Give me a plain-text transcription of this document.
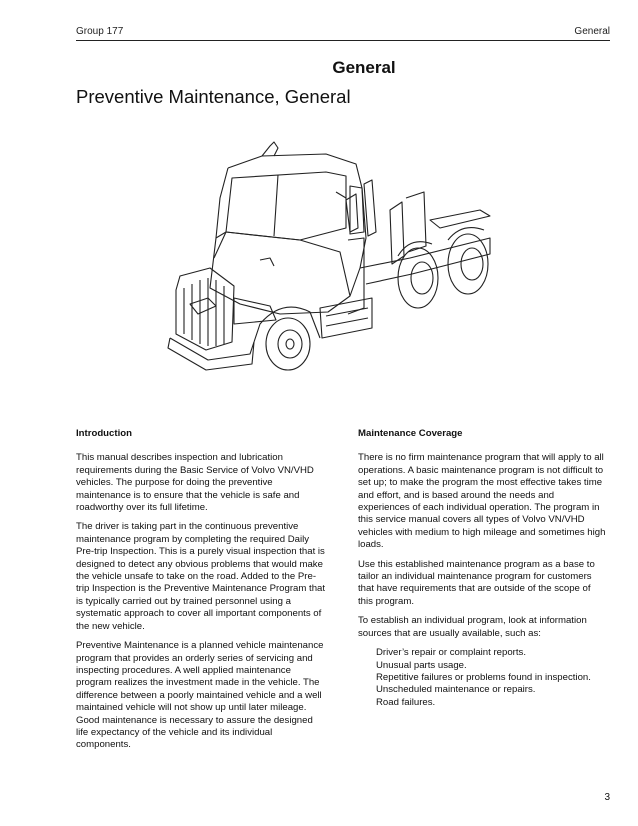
Group 177	General
General
Preventive Maintenance, General
Introduction

This manual describes inspection and lubrication requirements during the Basic Service of Volvo VN/VHD vehicles. The purpose for doing the preventive maintenance is to ensure that the vehicle is safe and roadworthy over its full lifetime.

The driver is taking part in the continuous preventive maintenance program by completing the required Daily Pre-trip Inspection. This is a purely visual inspection that is designed to detect any obvious problems that would make the vehicle unsafe to take on the road. Added to the Pre-trip Inspection is the Preventive Maintenance Program that is typically carried out by trained personnel using a systematic approach to cover all important components of the new vehicle.

Preventive Maintenance is a planned vehicle maintenance program that provides an orderly series of servicing and inspecting procedures. A well applied maintenance program realizes the investment made in the vehicle. The difference between a poorly maintained vehicle and a well maintained vehicle will not show up until later mileage. Good maintenance is necessary to assure the designed life expectancy of the vehicle and its individual components.

Maintenance Coverage

There is no firm maintenance program that will apply to all operations. A basic maintenance program is not difficult to set up; to make the program the most effective takes time and effort, and is based around the needs and experiences of each individual operation. The program in this service manual covers all types of Volvo VN/VHD vehicles with medium to high mileage and sometimes high loads.

Use this established maintenance program as a base to tailor an individual maintenance program for customers that have requirements that are outside of the scope of this program.

To establish an individual program, look at information sources that are usually available, such as:

Driver’s repair or complaint reports.
Unusual parts usage.
Repetitive failures or problems found in inspection.
Unscheduled maintenance or repairs.
Road failures.
3
